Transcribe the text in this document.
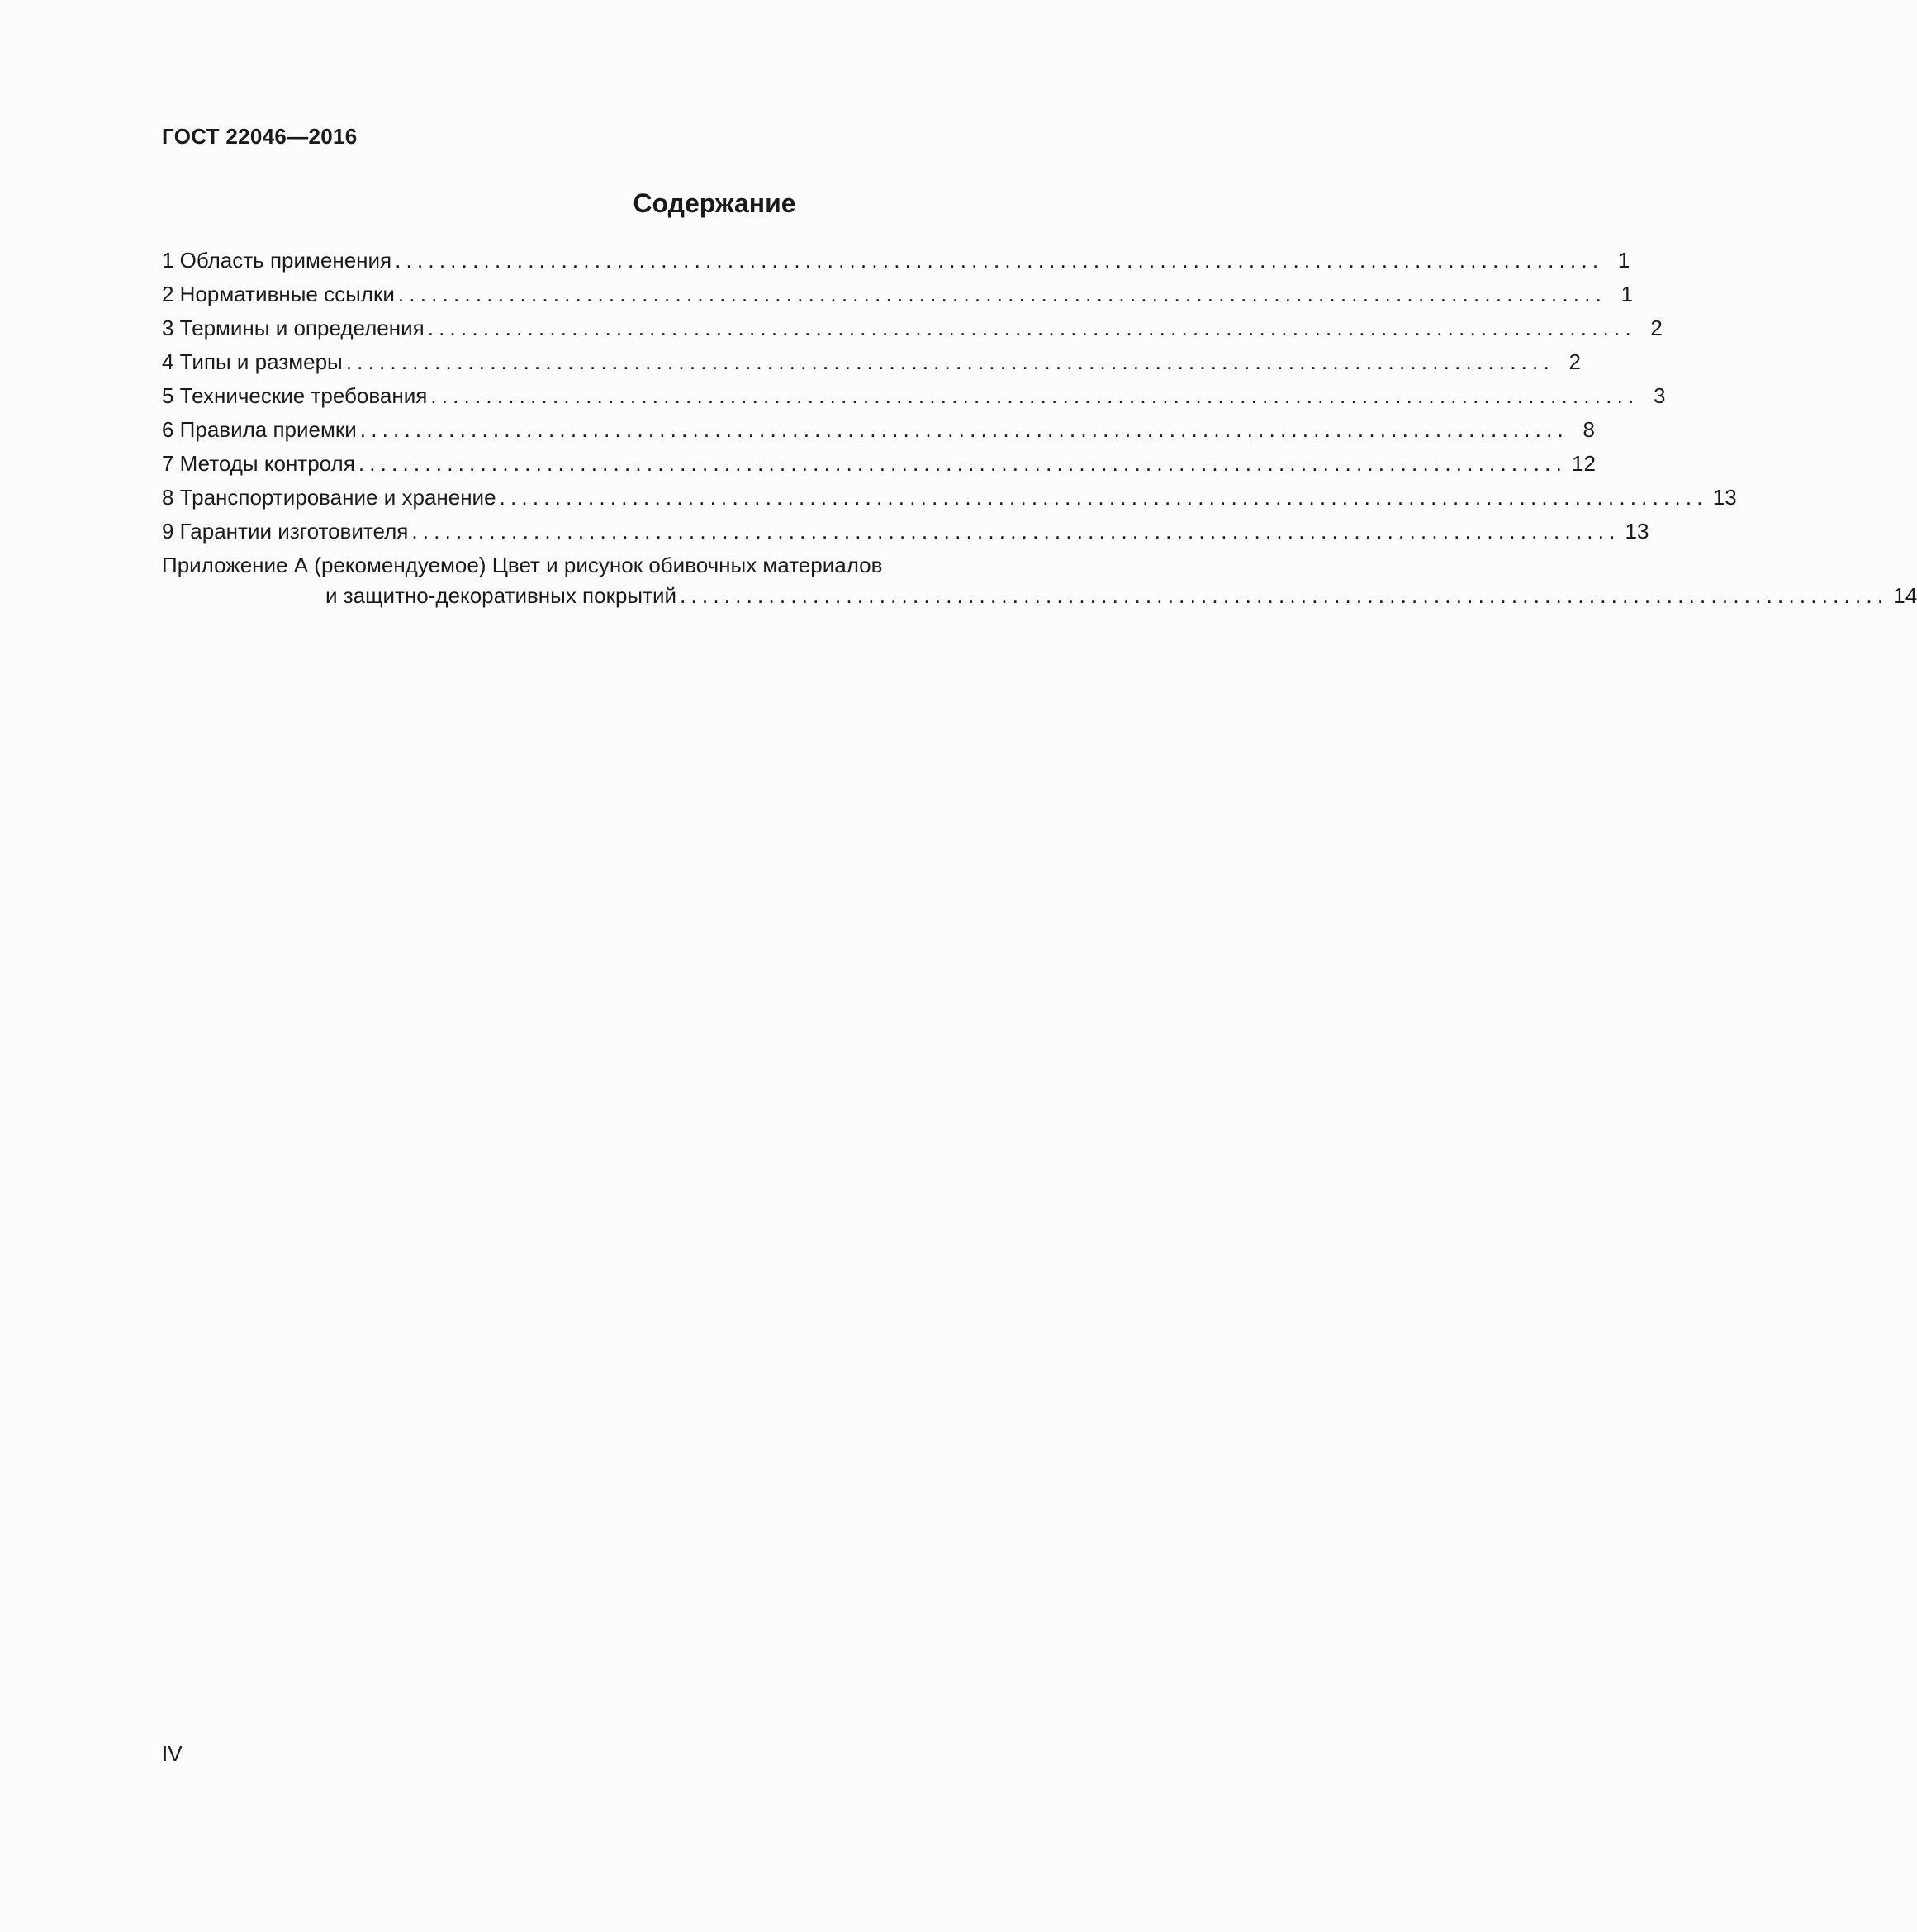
ГОСТ 22046—2016
Содержание
1 Область применения ............................................................................................................. 1
2 Нормативные ссылки ............................................................................................................. 1
3 Термины и определения ............................................................................................................. 2
4 Типы и размеры ............................................................................................................. 2
5 Технические требования ............................................................................................................. 3
6 Правила приемки ............................................................................................................. 8
7 Методы контроля ............................................................................................................. 12
8 Транспортирование и хранение ............................................................................................................. 13
9 Гарантии изготовителя ............................................................................................................. 13
Приложение А (рекомендуемое) Цвет и рисунок обивочных материалов
и защитно-декоративных покрытий ............................................................................................................. 14
IV
